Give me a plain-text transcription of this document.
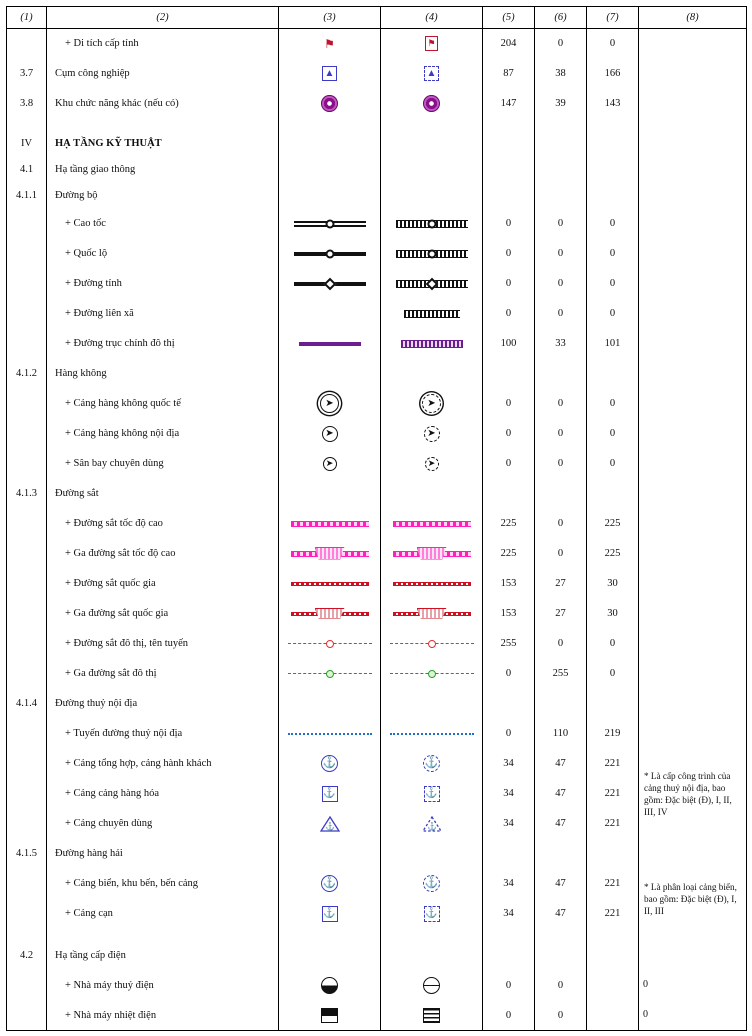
(1)	(2)	(3)	(4)	(5)	(6)	(7)	(8)

	+ Di tích cấp tỉnh	⚑	⚑	204	0	0	
3.7	Cụm công nghiệp	▲	▲	87	38	166	
3.8	Khu chức năng khác (nếu có)			147	39	143	

IV	HẠ TẦNG KỸ THUẬT						

4.1	Hạ tầng giao thông						

4.1.1	Đường bộ						

	+ Cao tốc			0	0	0	

	+ Quốc lộ			0	0	0	

	+ Đường tỉnh			0	0	0	

	+ Đường liên xã			0	0	0	

	+ Đường trục chính đô thị			100	33	101	
4.1.2	Hàng không						

	+ Cảng hàng không quốc tế	➤	➤	0	0	0	

	+ Cảng hàng không nội địa	➤	➤	0	0	0	

	+ Sân bay chuyên dùng	➤	➤	0	0	0	
4.1.3	Đường sắt						

	+ Đường sắt tốc độ cao			225	0	225	

	+ Ga đường sắt tốc độ cao			225	0	225	

	+ Đường sắt quốc gia			153	27	30	

	+ Ga đường sắt quốc gia			153	27	30	

	+ Đường sắt đô thị, tên tuyến			255	0	0	

	+ Ga đường sắt đô thị			0	255	0	
4.1.4	Đường thuỷ nội địa						

	+ Tuyến đường thuỷ nội địa			0	110	219	

	+ Cảng tổng hợp, cảng hành khách	⚓	⚓	34	47	221	* Là cấp công trình của cảng thuỷ nội địa, bao gồm: Đặc biệt (Đ), I, II, III, IV

	+ Cảng cảng hàng hóa	⚓	⚓	34	47	221	

	+ Cảng chuyên dùng	⚓	⚓	34	47	221	
4.1.5	Đường hàng hải						

	+ Cảng biển, khu bến, bến cảng	⚓	⚓	34	47	221	* Là phân loại cảng biển, bao gồm: Đặc biệt (Đ), I, II, III

	+ Cảng cạn	⚓	⚓	34	47	221	

4.2	Hạ tầng cấp điện						

	+ Nhà máy thuỷ điện			0	0		0

	+ Nhà máy nhiệt điện			0	0		0
